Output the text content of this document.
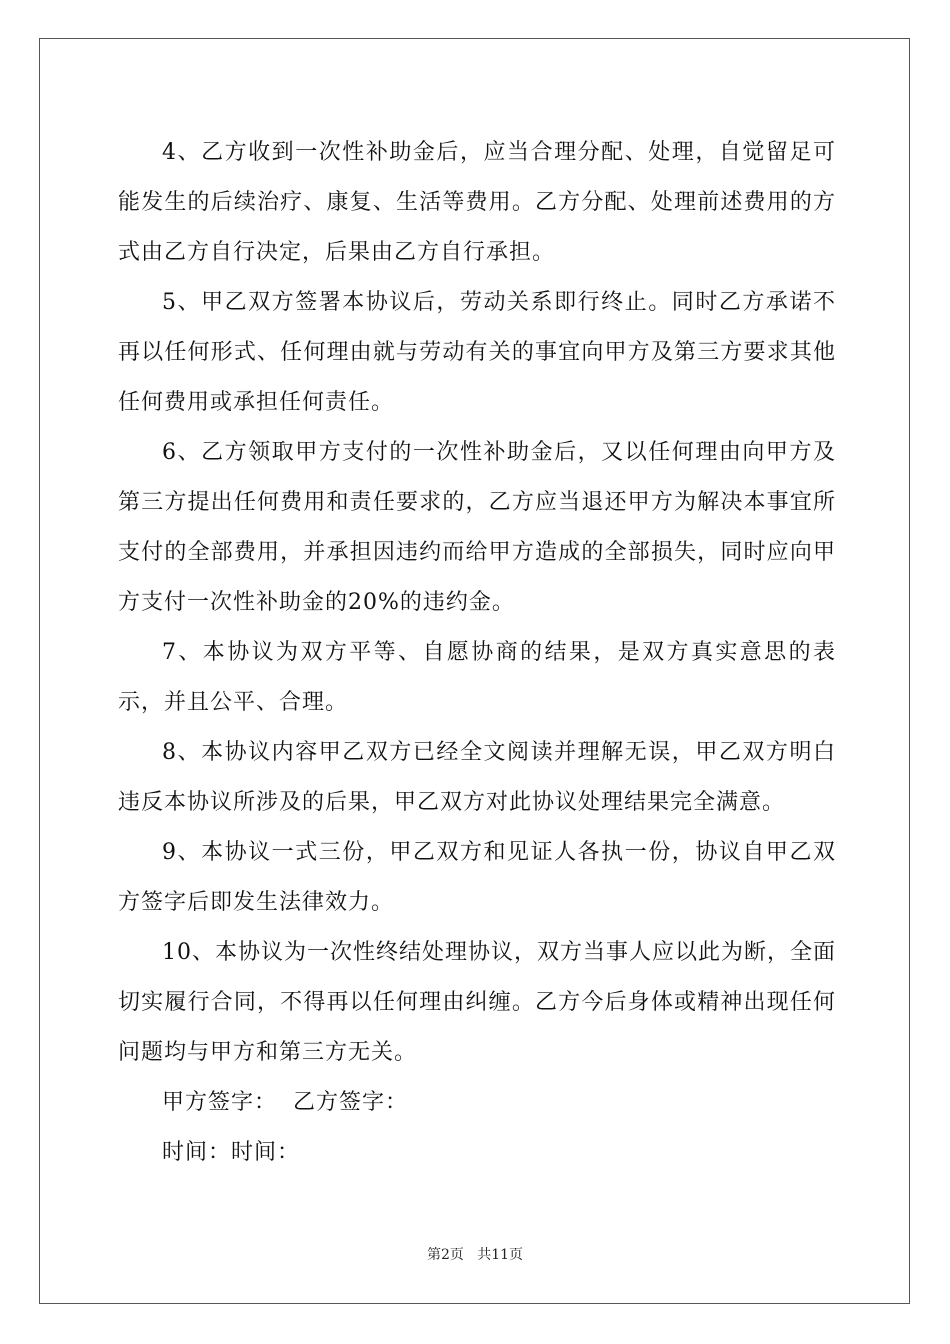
4、乙方收到一次性补助金后，应当合理分配、处理，自觉留足可能发生的后续治疗、康复、生活等费用。乙方分配、处理前述费用的方式由乙方自行决定，后果由乙方自行承担。

5、甲乙双方签署本协议后，劳动关系即行终止。同时乙方承诺不再以任何形式、任何理由就与劳动有关的事宜向甲方及第三方要求其他任何费用或承担任何责任。

6、乙方领取甲方支付的一次性补助金后，又以任何理由向甲方及第三方提出任何费用和责任要求的，乙方应当退还甲方为解决本事宜所支付的全部费用，并承担因违约而给甲方造成的全部损失，同时应向甲方支付一次性补助金的20%的违约金。

7、本协议为双方平等、自愿协商的结果，是双方真实意思的表示，并且公平、合理。

8、本协议内容甲乙双方已经全文阅读并理解无误，甲乙双方明白违反本协议所涉及的后果，甲乙双方对此协议处理结果完全满意。

9、本协议一式三份，甲乙双方和见证人各执一份，协议自甲乙双方签字后即发生法律效力。

10、本协议为一次性终结处理协议，双方当事人应以此为断，全面切实履行合同，不得再以任何理由纠缠。乙方今后身体或精神出现任何问题均与甲方和第三方无关。

甲方签字：  乙方签字：

时间：时间：

第2页   共11页
